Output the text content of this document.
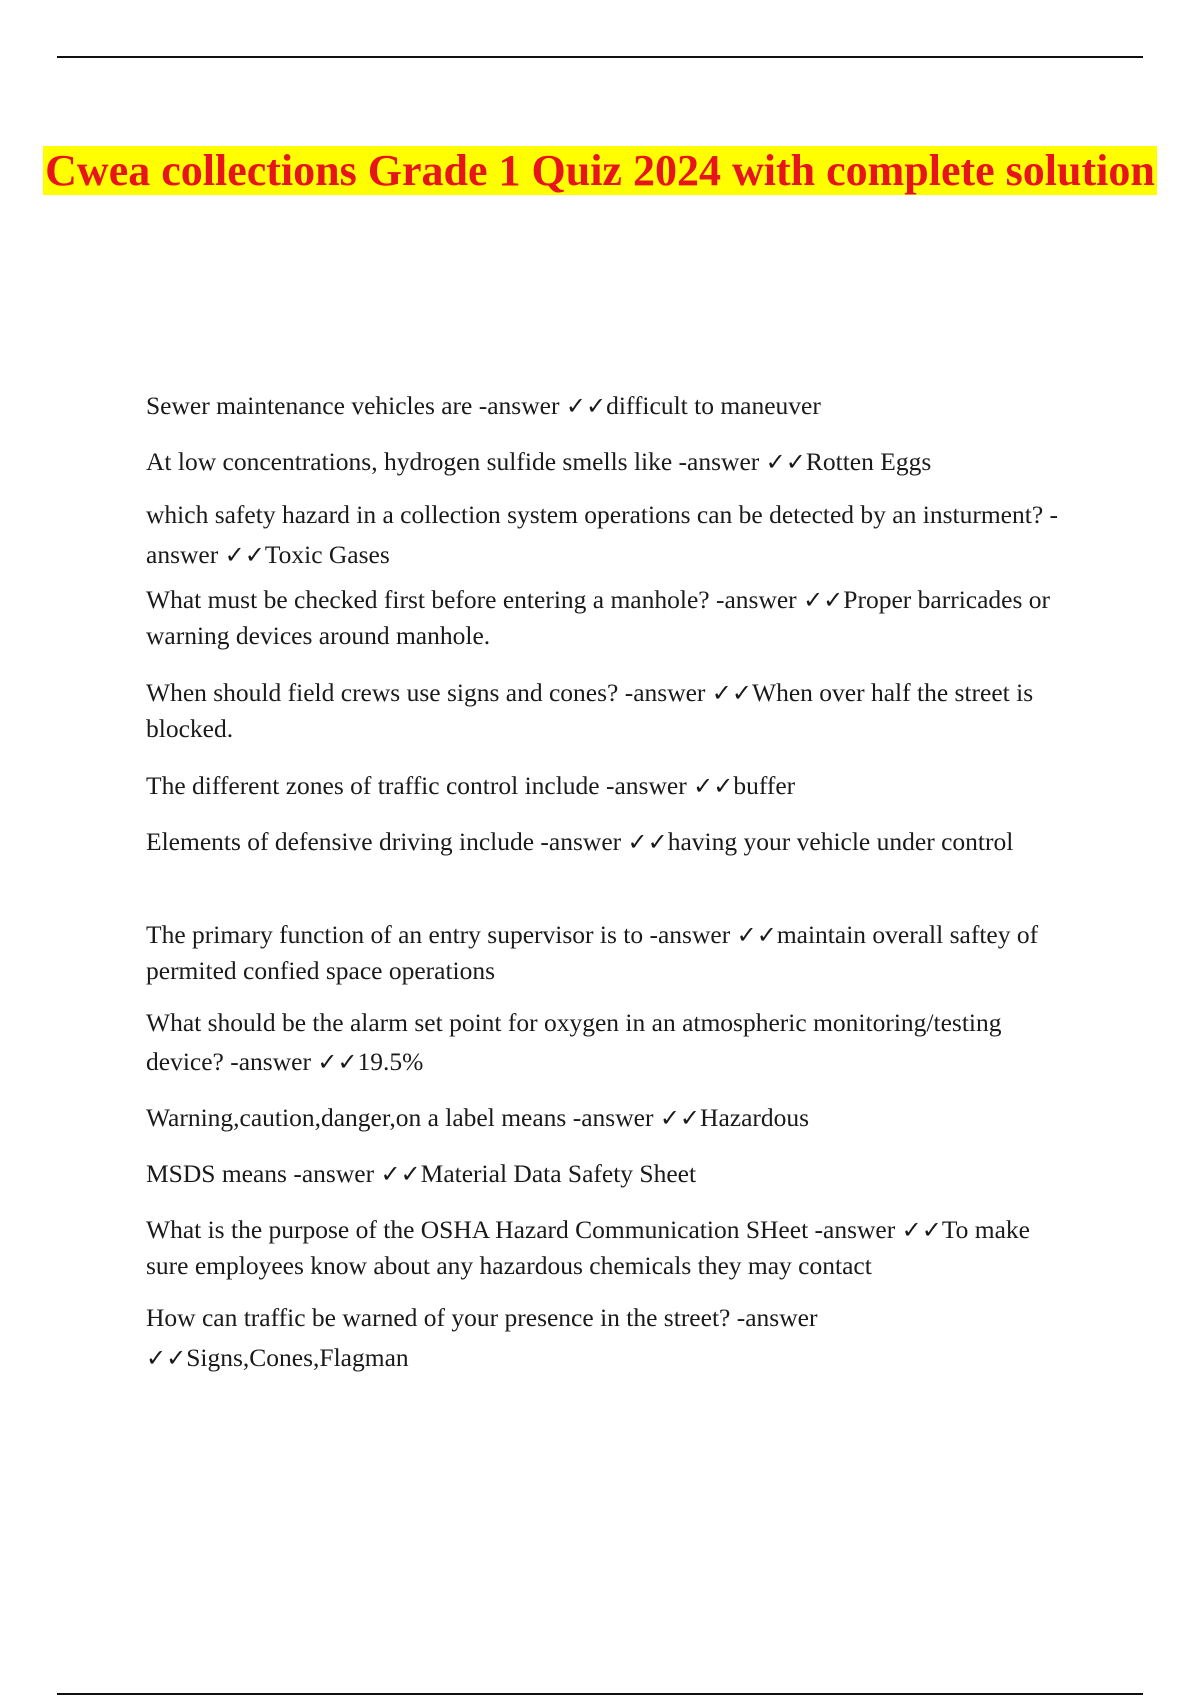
Cwea collections Grade 1 Quiz 2024 with complete solution

Sewer maintenance vehicles are -answer ✓✓difficult to maneuver

At low concentrations, hydrogen sulfide smells like -answer ✓✓Rotten Eggs

which safety hazard in a collection system operations can be detected by an insturment? -answer ✓✓Toxic Gases

What must be checked first before entering a manhole? -answer ✓✓Proper barricades or warning devices around manhole.

When should field crews use signs and cones? -answer ✓✓When over half the street is blocked.

The different zones of traffic control include -answer ✓✓buffer

Elements of defensive driving include -answer ✓✓having your vehicle under control

The primary function of an entry supervisor is to -answer ✓✓maintain overall saftey of permited confied space operations

What should be the alarm set point for oxygen in an atmospheric monitoring/testing device? -answer ✓✓19.5%

Warning,caution,danger,on a label means -answer ✓✓Hazardous

MSDS means -answer ✓✓Material Data Safety Sheet

What is the purpose of the OSHA Hazard Communication SHeet -answer ✓✓To make sure employees know about any hazardous chemicals they may contact

How can traffic be warned of your presence in the street? -answer ✓✓Signs,Cones,Flagman
